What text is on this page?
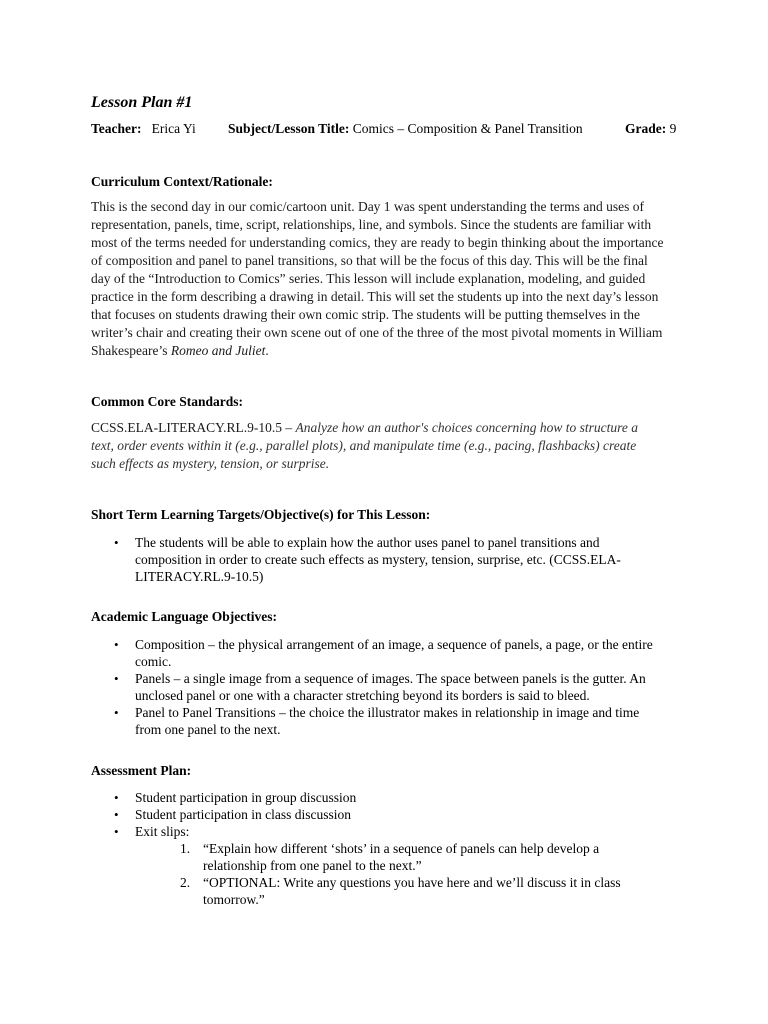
Lesson Plan #1
Teacher: Erica Yi Subject/Lesson Title: Comics – Composition & Panel Transition	Grade: 9
Curriculum Context/Rationale:
This is the second day in our comic/cartoon unit. Day 1 was spent understanding the terms and uses of
representation, panels, time, script, relationships, line, and symbols. Since the students are familiar with
most of the terms needed for understanding comics, they are ready to begin thinking about the importance
of composition and panel to panel transitions, so that will be the focus of this day. This will be the final
day of the “Introduction to Comics” series. This lesson will include explanation, modeling, and guided
practice in the form describing a drawing in detail. This will set the students up into the next day’s lesson
that focuses on students drawing their own comic strip. The students will be putting themselves in the
writer’s chair and creating their own scene out of one of the three of the most pivotal moments in William
Shakespeare’s Romeo and Juliet.
Common Core Standards:
CCSS.ELA-LITERACY.RL.9-10.5 – Analyze how an author's choices concerning how to structure a
text, order events within it (e.g., parallel plots), and manipulate time (e.g., pacing, flashbacks) create
such effects as mystery, tension, or surprise.
Short Term Learning Targets/Objective(s) for This Lesson:
• The students will be able to explain how the author uses panel to panel transitions and
composition in order to create such effects as mystery, tension, surprise, etc. (CCSS.ELA-
LITERACY.RL.9-10.5)
Academic Language Objectives:
• Composition – the physical arrangement of an image, a sequence of panels, a page, or the entire
comic.
• Panels – a single image from a sequence of images. The space between panels is the gutter. An
unclosed panel or one with a character stretching beyond its borders is said to bleed.
• Panel to Panel Transitions – the choice the illustrator makes in relationship in image and time
from one panel to the next.
Assessment Plan:
• Student participation in group discussion
• Student participation in class discussion
• Exit slips:
1. “Explain how different ‘shots’ in a sequence of panels can help develop a
relationship from one panel to the next.”
2. “OPTIONAL: Write any questions you have here and we’ll discuss it in class
tomorrow.”
